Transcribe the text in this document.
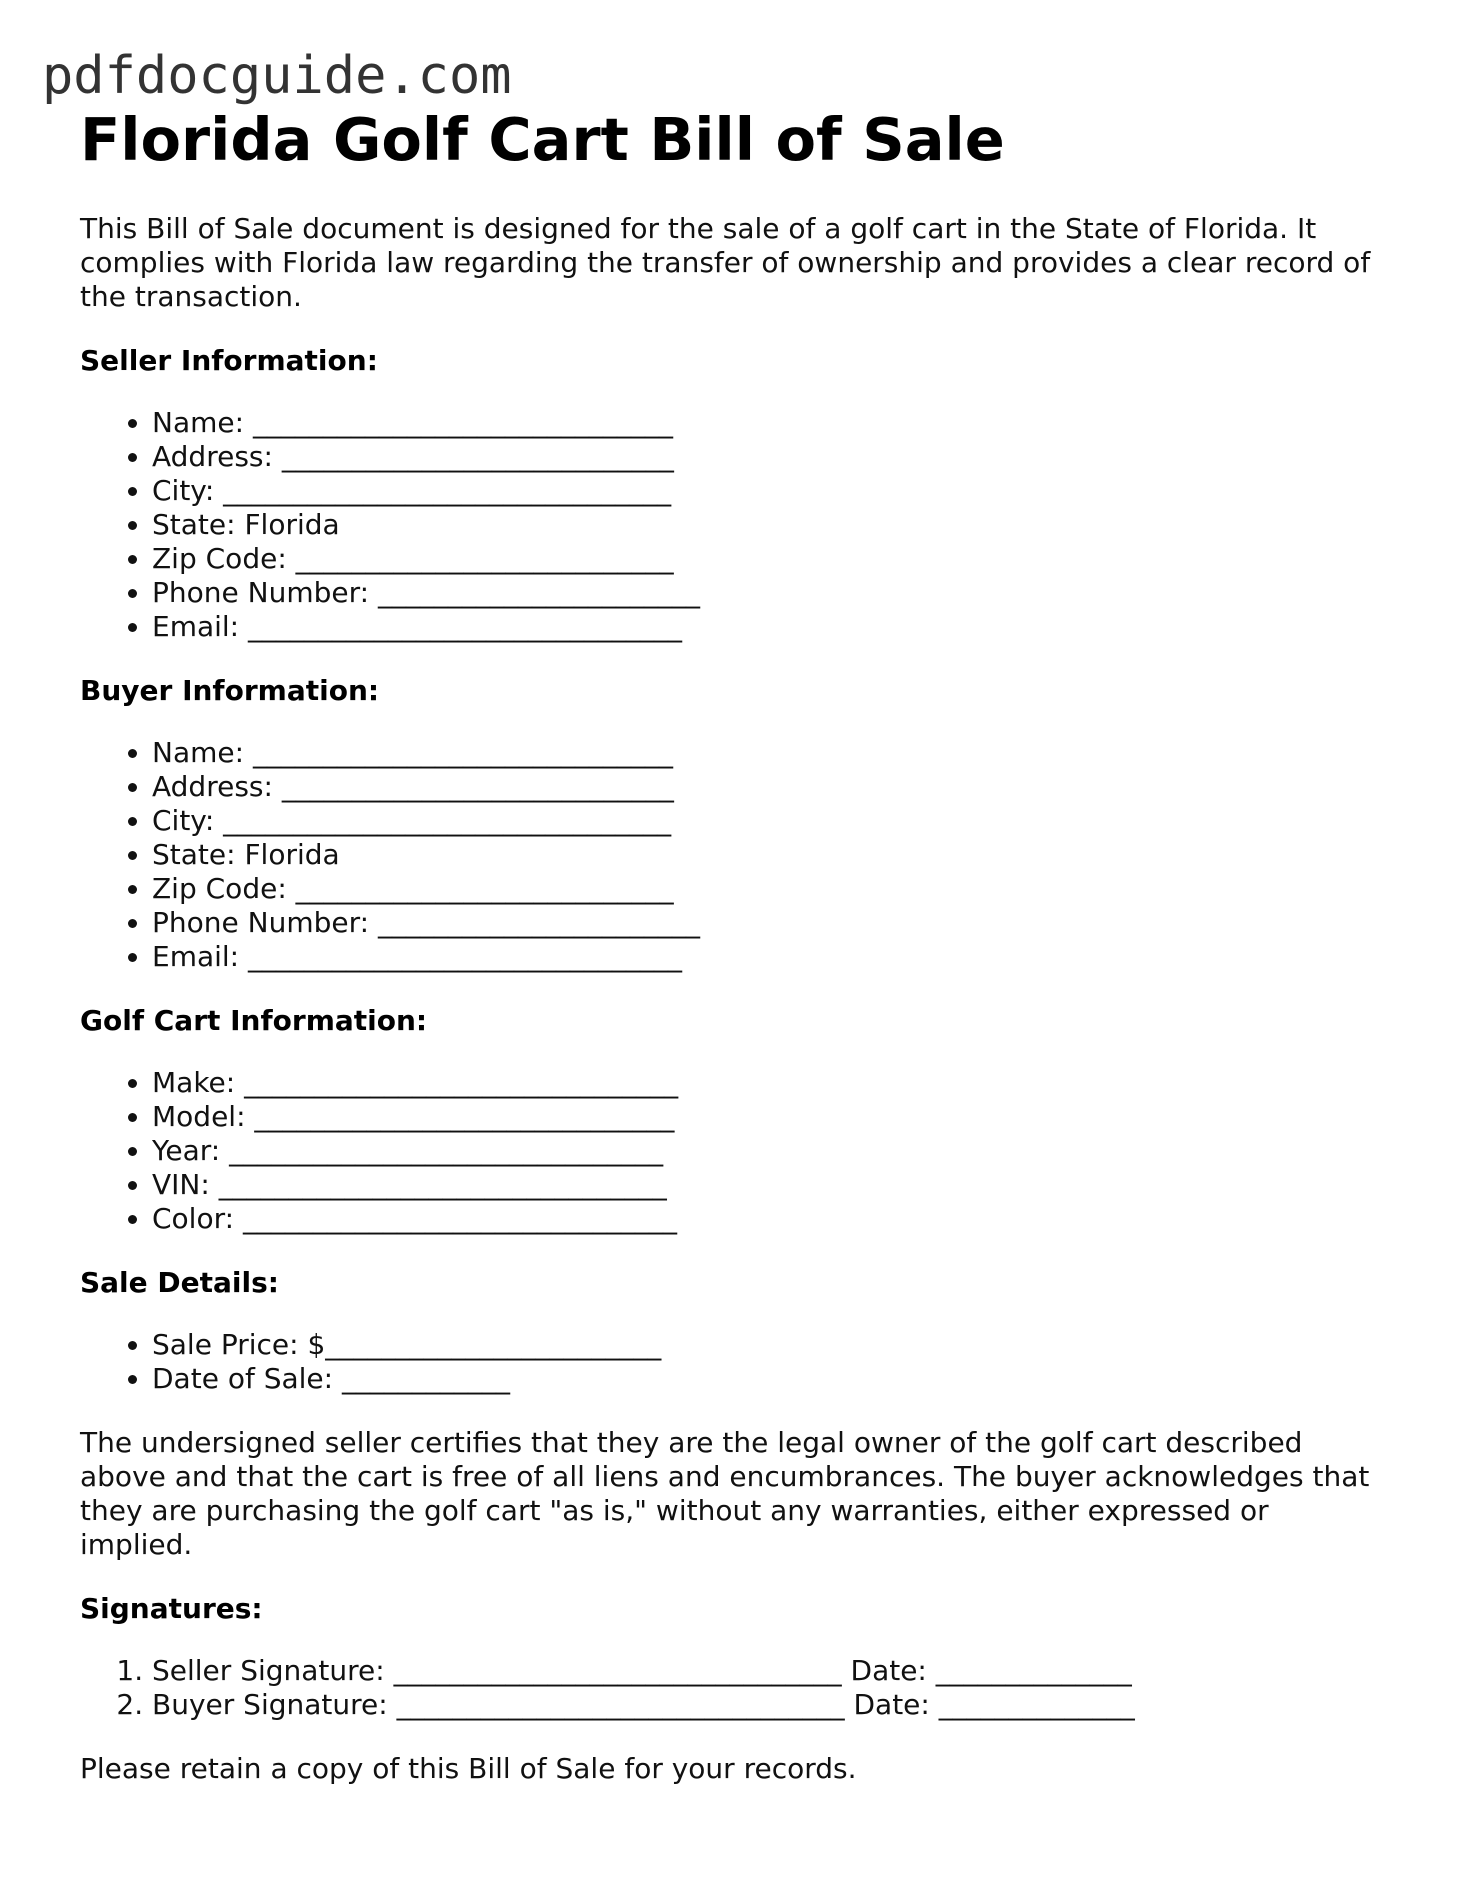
pdfdocguide.com
Florida Golf Cart Bill of Sale

This Bill of Sale document is designed for the sale of a golf cart in the State of Florida. It complies with Florida law regarding the transfer of ownership and provides a clear record of the transaction.

Seller Information:
• Name: ______________________________
• Address: ____________________________
• City: ________________________________
• State: Florida
• Zip Code: ___________________________
• Phone Number: _______________________
• Email: _______________________________
Buyer Information:
• Name: ______________________________
• Address: ____________________________
• City: ________________________________
• State: Florida
• Zip Code: ___________________________
• Phone Number: _______________________
• Email: _______________________________
Golf Cart Information:
• Make: _______________________________
• Model: ______________________________
• Year: _______________________________
• VIN: ________________________________
• Color: _______________________________
Sale Details:
• Sale Price: $________________________
• Date of Sale: ____________

The undersigned seller certifies that they are the legal owner of the golf cart described above and that the cart is free of all liens and encumbrances. The buyer acknowledges that they are purchasing the golf cart "as is," without any warranties, either expressed or implied.

Signatures:
1. Seller Signature: ________________________________ Date: ______________
2. Buyer Signature: ________________________________ Date: ______________

Please retain a copy of this Bill of Sale for your records.
